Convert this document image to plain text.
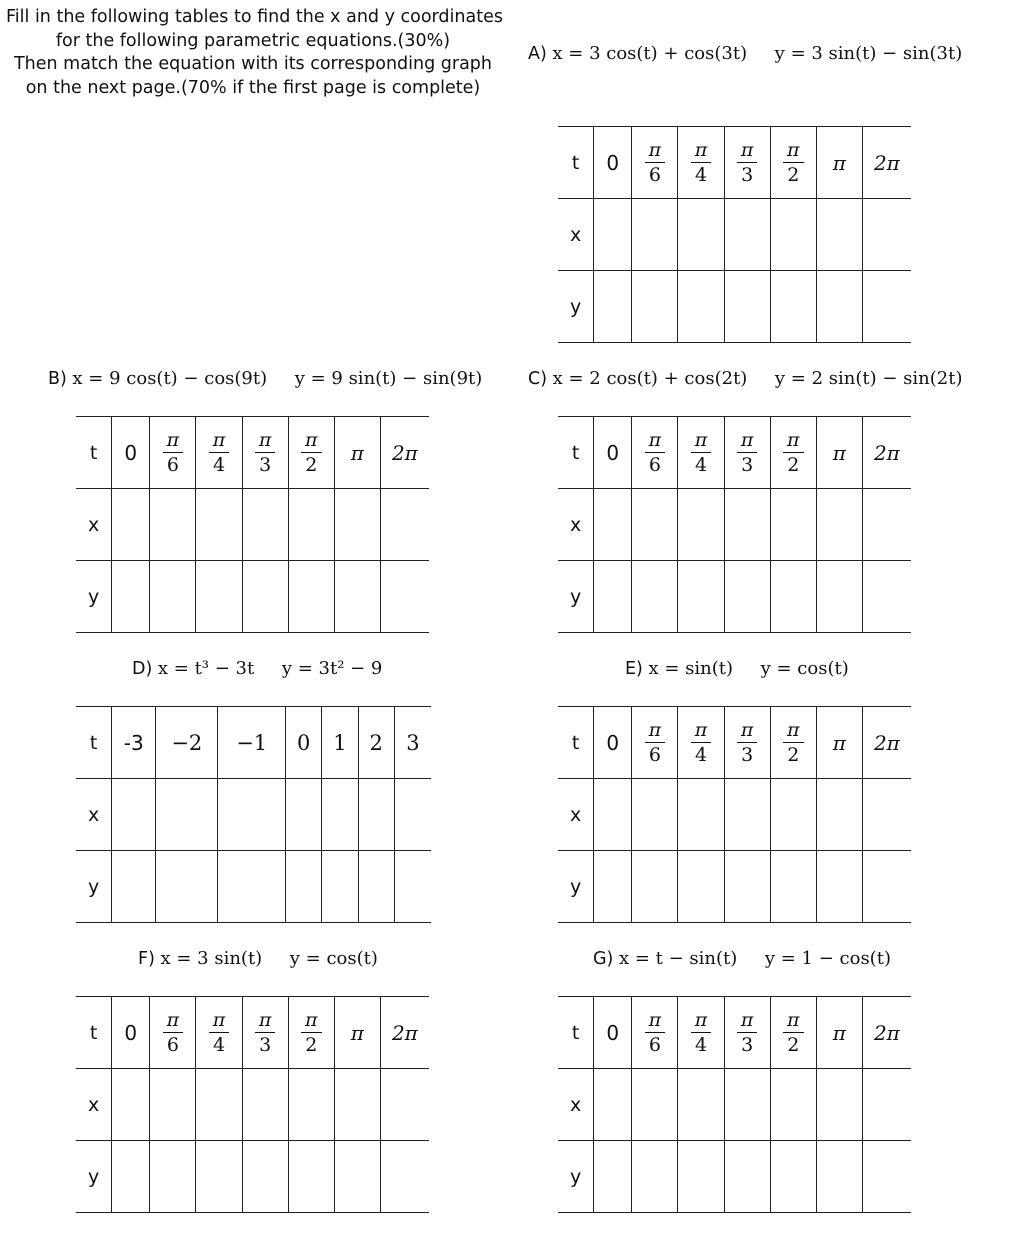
Fill in the following tables to find the x and y coordinates
for the following parametric equations.(30%)
Then match the equation with its corresponding graph
on the next page.(70% if the first page is complete)
A) x = 3 cos(t) + cos(3t) y = 3 sin(t) − sin(3t)
B) x = 9 cos(t) − cos(9t) y = 9 sin(t) − sin(9t)	C) x = 2 cos(t) + cos(2t) y = 2 sin(t) − sin(2t)
D) x = t³ − 3t y = 3t² − 9	E) x = sin(t) y = cos(t)
F) x = 3 sin(t) y = cos(t)	G) x = t − sin(t) y = 1 − cos(t)
t	0	$\frac{\pi}{6}$	$\frac{\pi}{4}$	$\frac{\pi}{3}$	$\frac{\pi}{2}$	π	2π
x							
y							
t	0	$\frac{\pi}{6}$	$\frac{\pi}{4}$	$\frac{\pi}{3}$	$\frac{\pi}{2}$	π	2π
x							
y							
t	0	$\frac{\pi}{6}$	$\frac{\pi}{4}$	$\frac{\pi}{3}$	$\frac{\pi}{2}$	π	2π
x							
y							
t	-3	−2	−1	0	1	2	3
x							
y							
t	0	$\frac{\pi}{6}$	$\frac{\pi}{4}$	$\frac{\pi}{3}$	$\frac{\pi}{2}$	π	2π
x							
y							
t	0	$\frac{\pi}{6}$	$\frac{\pi}{4}$	$\frac{\pi}{3}$	$\frac{\pi}{2}$	π	2π
x							
y							
t	0	$\frac{\pi}{6}$	$\frac{\pi}{4}$	$\frac{\pi}{3}$	$\frac{\pi}{2}$	π	2π
x							
y							
